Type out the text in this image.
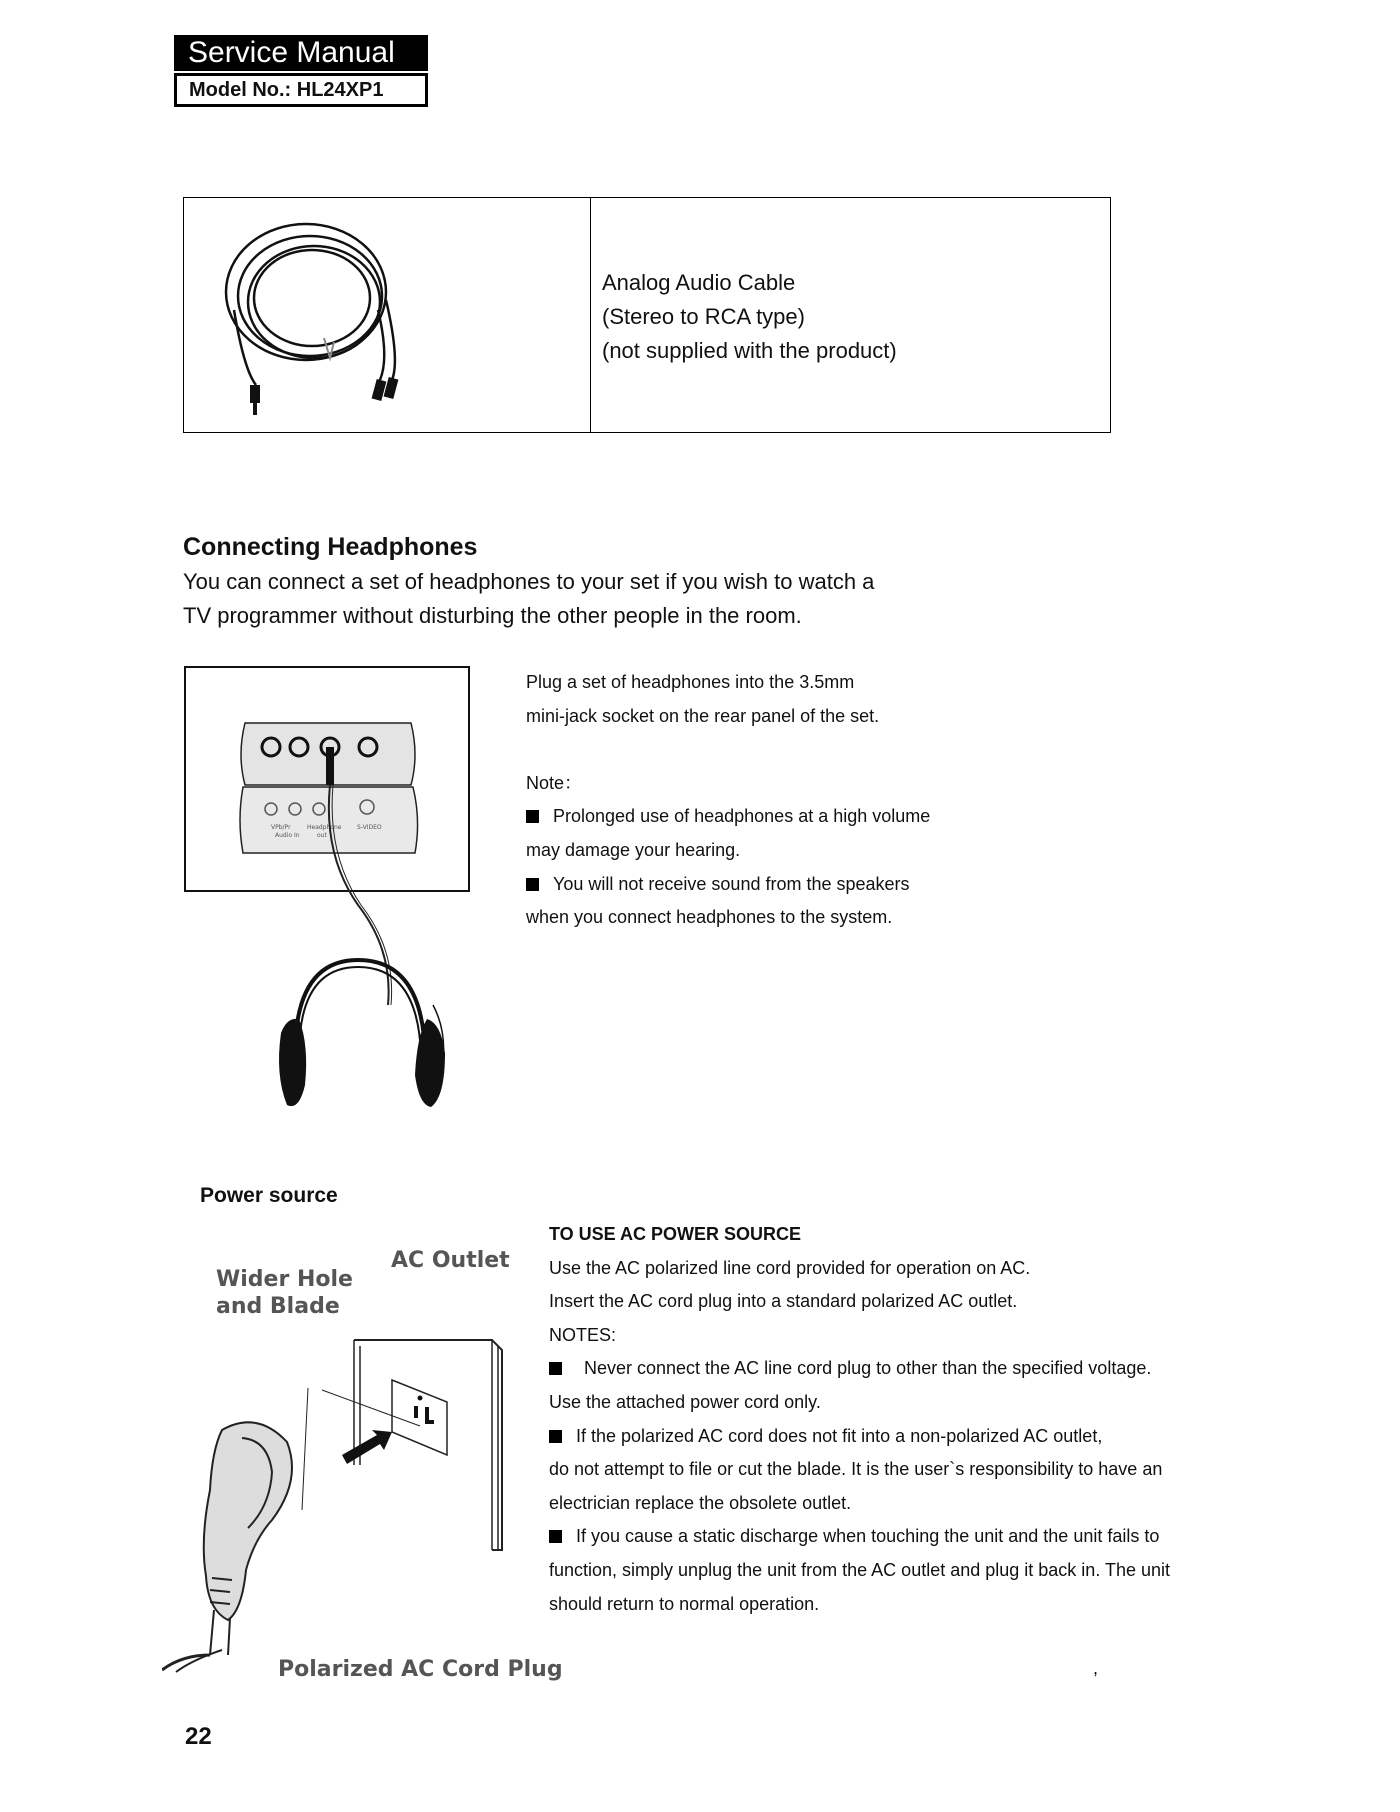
Service Manual
Model No.: HL24XP1
Analog Audio Cable
(Stereo to RCA type)
(not supplied with the product)
Connecting Headphones
You can connect a set of headphones to your set if you wish to watch a
TV programmer without disturbing the other people in the room.
VPb/Pr
Audio In
Headphone
out
S-VIDEO

Plug a set of headphones into the 3.5mm

mini-jack socket on the rear panel of the set.

Note：

Prolonged use of headphones at a high volume

may damage your hearing.

You will not receive sound from the speakers

when you connect headphones to the system.

Power source
Wider Hole
and Blade
AC Outlet
Polarized AC Cord Plug

TO USE AC POWER SOURCE

Use the AC polarized line cord provided for operation on AC.

Insert the AC cord plug into a standard polarized AC outlet.

NOTES:

Never connect the AC line cord plug to other than the specified voltage.

Use the attached power cord only.

If the polarized AC cord does not fit into a non-polarized AC outlet,

do not attempt to file or cut the blade. It is the user`s responsibility to have an

electrician replace the obsolete outlet.

If you cause a static discharge when touching the unit and the unit fails to

function, simply unplug the unit from the AC outlet and plug it back in. The unit

should return to normal operation.

,
22
